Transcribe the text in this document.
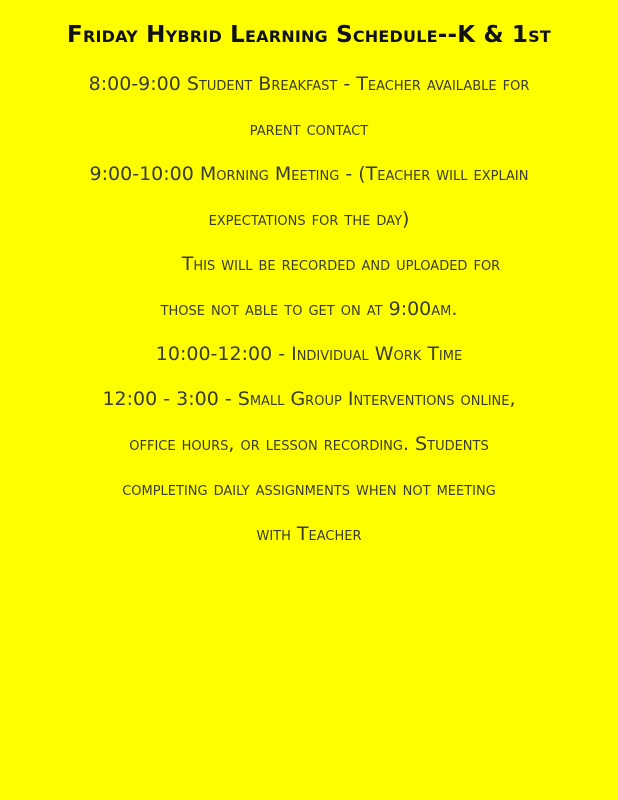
Friday Hybrid Learning Schedule--K & 1st
8:00-9:00 Student Breakfast - Teacher available for
parent contact
9:00-10:00 Morning Meeting - (Teacher will explain
expectations for the day)
This will be recorded and uploaded for
those not able to get on at 9:00am.
10:00-12:00 - Individual Work Time
12:00 - 3:00 - Small Group Interventions online,
office hours, or lesson recording. Students
completing daily assignments when not meeting
with Teacher
